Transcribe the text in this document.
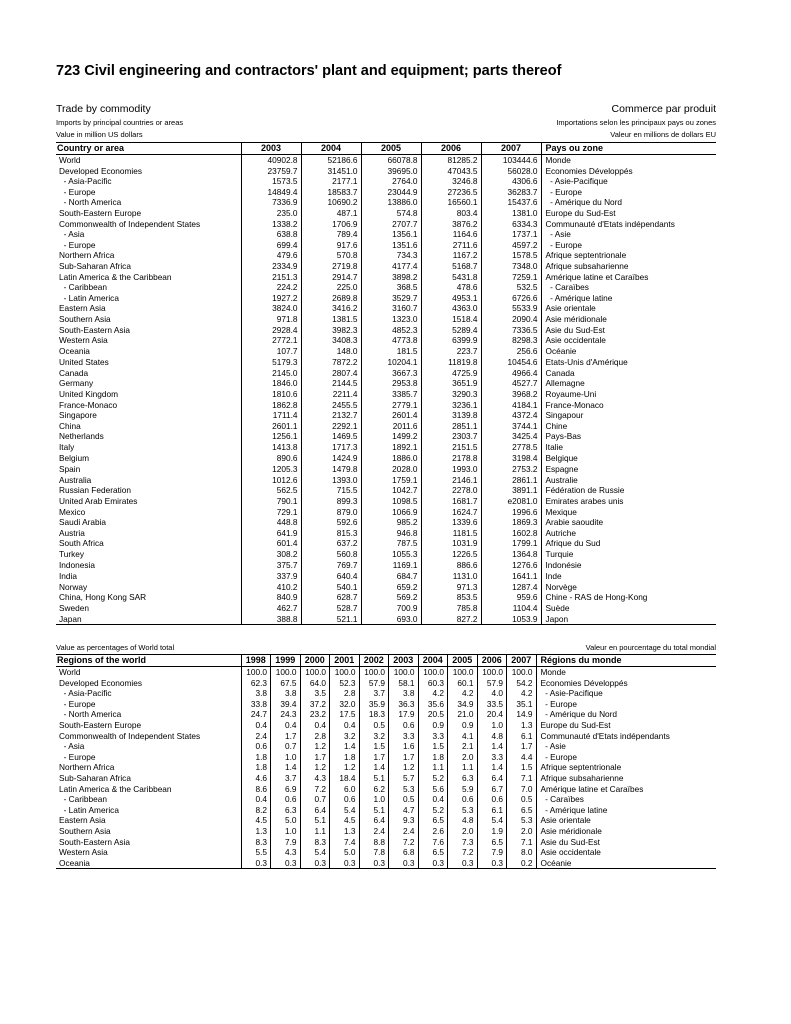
723 Civil engineering and contractors' plant and equipment; parts thereof
Trade by commodity	Commerce par produit
Imports by principal countries or areas	Importations selon les principaux pays ou zones
Value in million US dollars	Valeur en millions de dollars EU
Country or area	2003	2004	2005	2006	2007	Pays ou zone
World	40902.8	52186.6	66078.8	81285.2	103444.6	Monde
Developed Economies	23759.7	31451.0	39695.0	47043.5	56028.0	Economies Développés
- Asia-Pacific	1573.5	2177.1	2764.0	3246.8	4306.6	- Asie-Pacifique
- Europe	14849.4	18583.7	23044.9	27236.5	36283.7	- Europe
- North America	7336.9	10690.2	13886.0	16560.1	15437.6	- Amérique du Nord
South-Eastern Europe	235.0	487.1	574.8	803.4	1381.0	Europe du Sud-Est
Commonwealth of Independent States	1338.2	1706.9	2707.7	3876.2	6334.3	Communauté d'Etats indépendants
- Asia	638.8	789.4	1356.1	1164.6	1737.1	- Asie
- Europe	699.4	917.6	1351.6	2711.6	4597.2	- Europe
Northern Africa	479.6	570.8	734.3	1167.2	1578.5	Afrique septentrionale
Sub-Saharan Africa	2334.9	2719.8	4177.4	5168.7	7348.0	Afrique subsaharienne
Latin America & the Caribbean	2151.3	2914.7	3898.2	5431.8	7259.1	Amérique latine et Caraïbes
- Caribbean	224.2	225.0	368.5	478.6	532.5	- Caraïbes
- Latin America	1927.2	2689.8	3529.7	4953.1	6726.6	- Amérique latine
Eastern Asia	3824.0	3416.2	3160.7	4363.0	5533.9	Asie orientale
Southern Asia	971.8	1381.5	1323.0	1518.4	2090.4	Asie méridionale
South-Eastern Asia	2928.4	3982.3	4852.3	5289.4	7336.5	Asie du Sud-Est
Western Asia	2772.1	3408.3	4773.8	6399.9	8298.3	Asie occidentale
Oceania	107.7	148.0	181.5	223.7	256.6	Océanie
United States	5179.3	7872.2	10204.1	11819.8	10454.6	Etats-Unis d'Amérique
Canada	2145.0	2807.4	3667.3	4725.9	4966.4	Canada
Germany	1846.0	2144.5	2953.8	3651.9	4527.7	Allemagne
United Kingdom	1810.6	2211.4	3385.7	3290.3	3968.2	Royaume-Uni
France-Monaco	1862.8	2455.5	2779.1	3236.1	4184.1	France-Monaco
Singapore	1711.4	2132.7	2601.4	3139.8	4372.4	Singapour
China	2601.1	2292.1	2011.6	2851.1	3744.1	Chine
Netherlands	1256.1	1469.5	1499.2	2303.7	3425.4	Pays-Bas
Italy	1413.8	1717.3	1892.1	2151.5	2778.5	Italie
Belgium	890.6	1424.9	1886.0	2178.8	3198.4	Belgique
Spain	1205.3	1479.8	2028.0	1993.0	2753.2	Espagne
Australia	1012.6	1393.0	1759.1	2146.1	2861.1	Australie
Russian Federation	562.5	715.5	1042.7	2278.0	3891.1	Fédération de Russie
United Arab Emirates	790.1	899.3	1098.5	1681.7	e2081.0	Emirates arabes unis
Mexico	729.1	879.0	1066.9	1624.7	1996.6	Mexique
Saudi Arabia	448.8	592.6	985.2	1339.6	1869.3	Arabie saoudite
Austria	641.9	815.3	946.8	1181.5	1602.8	Autriche
South Africa	601.4	637.2	787.5	1031.9	1799.1	Afrique du Sud
Turkey	308.2	560.8	1055.3	1226.5	1364.8	Turquie
Indonesia	375.7	769.7	1169.1	886.6	1276.6	Indonésie
India	337.9	640.4	684.7	1131.0	1641.1	Inde
Norway	410.2	540.1	659.2	971.3	1287.4	Norvège
China, Hong Kong SAR	840.9	628.7	569.2	853.5	959.6	Chine - RAS de Hong-Kong
Sweden	462.7	528.7	700.9	785.8	1104.4	Suède
Japan	388.8	521.1	693.0	827.2	1053.9	Japon
Value as percentages of World total	Valeur en pourcentage du total mondial
Regions of the world	1998	1999	2000	2001	2002	2003	2004	2005	2006	2007	Régions du monde
World	100.0	100.0	100.0	100.0	100.0	100.0	100.0	100.0	100.0	100.0	Monde
Developed Economies	62.3	67.5	64.0	52.3	57.9	58.1	60.3	60.1	57.9	54.2	Economies Développés
- Asia-Pacific	3.8	3.8	3.5	2.8	3.7	3.8	4.2	4.2	4.0	4.2	- Asie-Pacifique
- Europe	33.8	39.4	37.2	32.0	35.9	36.3	35.6	34.9	33.5	35.1	- Europe
- North America	24.7	24.3	23.2	17.5	18.3	17.9	20.5	21.0	20.4	14.9	- Amérique du Nord
South-Eastern Europe	0.4	0.4	0.4	0.4	0.5	0.6	0.9	0.9	1.0	1.3	Europe du Sud-Est
Commonwealth of Independent States	2.4	1.7	2.8	3.2	3.2	3.3	3.3	4.1	4.8	6.1	Communauté d'Etats indépendants
- Asia	0.6	0.7	1.2	1.4	1.5	1.6	1.5	2.1	1.4	1.7	- Asie
- Europe	1.8	1.0	1.7	1.8	1.7	1.7	1.8	2.0	3.3	4.4	- Europe
Northern Africa	1.8	1.4	1.2	1.2	1.4	1.2	1.1	1.1	1.4	1.5	Afrique septentrionale
Sub-Saharan Africa	4.6	3.7	4.3	18.4	5.1	5.7	5.2	6.3	6.4	7.1	Afrique subsaharienne
Latin America & the Caribbean	8.6	6.9	7.2	6.0	6.2	5.3	5.6	5.9	6.7	7.0	Amérique latine et Caraïbes
- Caribbean	0.4	0.6	0.7	0.6	1.0	0.5	0.4	0.6	0.6	0.5	- Caraïbes
- Latin America	8.2	6.3	6.4	5.4	5.1	4.7	5.2	5.3	6.1	6.5	- Amérique latine
Eastern Asia	4.5	5.0	5.1	4.5	6.4	9.3	6.5	4.8	5.4	5.3	Asie orientale
Southern Asia	1.3	1.0	1.1	1.3	2.4	2.4	2.6	2.0	1.9	2.0	Asie méridionale
South-Eastern Asia	8.3	7.9	8.3	7.4	8.8	7.2	7.6	7.3	6.5	7.1	Asie du Sud-Est
Western Asia	5.5	4.3	5.4	5.0	7.8	6.8	6.5	7.2	7.9	8.0	Asie occidentale
Oceania	0.3	0.3	0.3	0.3	0.3	0.3	0.3	0.3	0.3	0.2	Océanie
